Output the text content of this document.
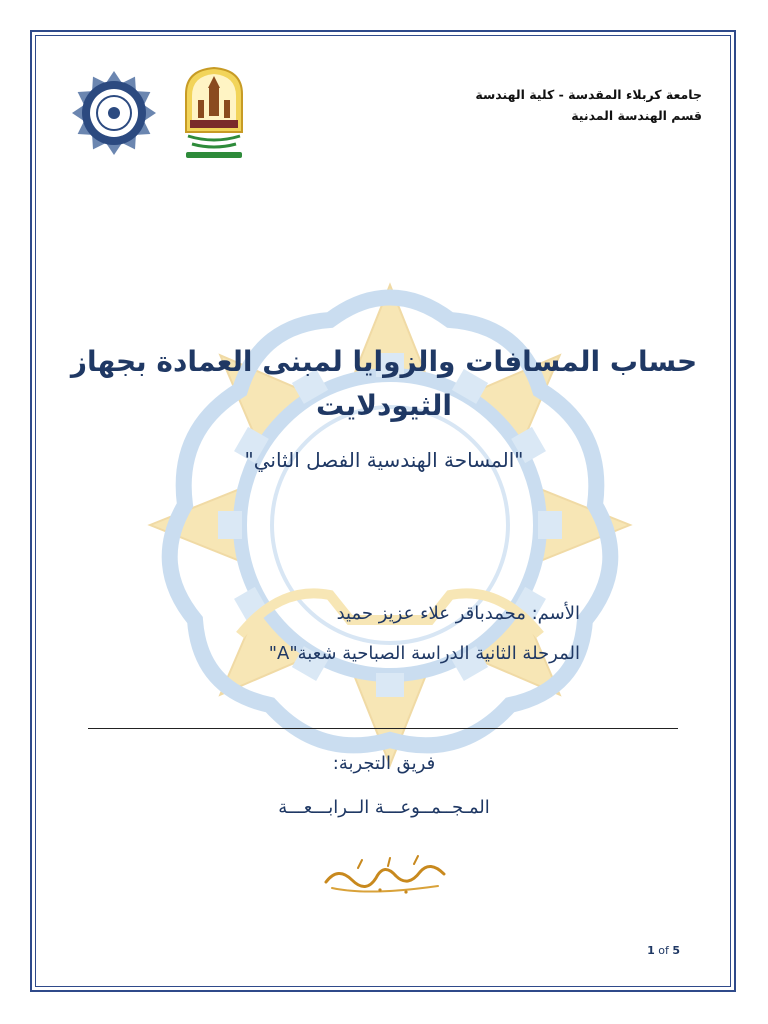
جامعة كربلاء المقدسة - كلية الهندسة
قسم الهندسة المدنية
حساب المسافات والزوايا لمبنى العمادة بجهاز
الثيودلايت
"المساحة الهندسية الفصل الثاني"
الأسم: محمدباقر علاء عزيز حميد
المرحلة الثانية الدراسة الصباحية شعبة"A"
فريق التجربة:
المـجــمــوعـــة الــرابـــعـــة
1 of 5
